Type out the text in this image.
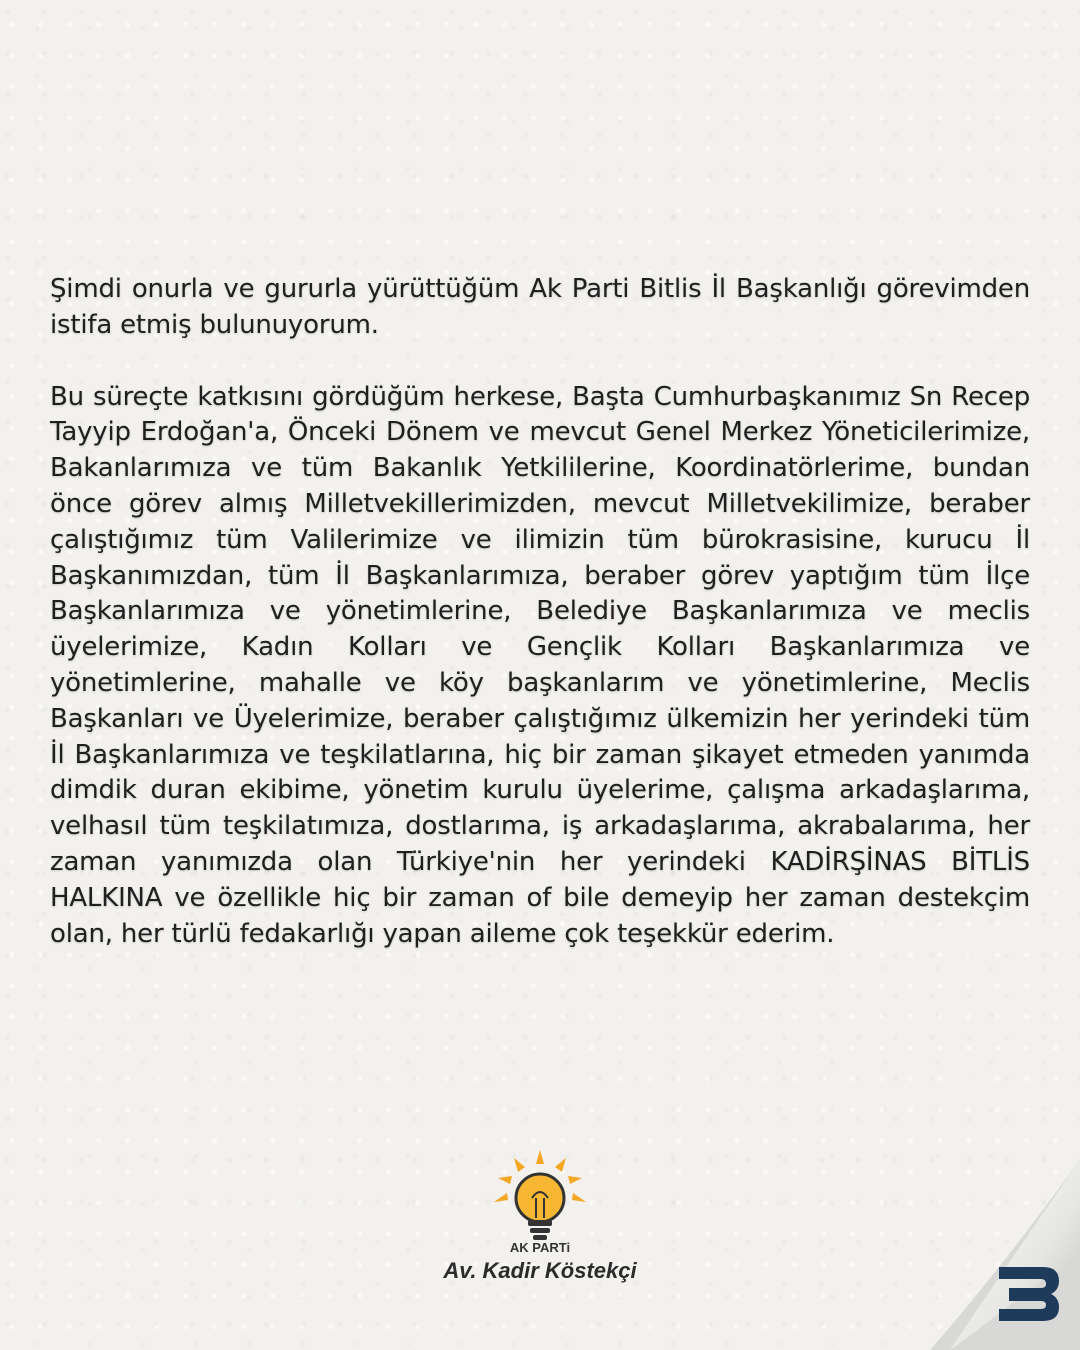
Şimdi onurla ve gururla yürüttüğüm Ak Parti Bitlis İl Başkanlığı görevimden istifa etmiş bulunuyorum.

Bu süreçte katkısını gördüğüm herkese, Başta Cumhurbaşkanımız Sn Recep Tayyip Erdoğan'a, Önceki Dönem ve mevcut Genel Merkez Yöneticilerimize, Bakanlarımıza ve tüm Bakanlık Yetkililerine, Koordinatörlerime, bundan önce görev almış Milletvekillerimizden, mevcut Milletvekilimize, beraber çalıştığımız tüm Valilerimize ve ilimizin tüm bürokrasisine, kurucu İl Başkanımızdan, tüm İl Başkanlarımıza, beraber görev yaptığım tüm İlçe Başkanlarımıza ve yönetimlerine, Belediye Başkanlarımıza ve meclis üyelerimize, Kadın Kolları ve Gençlik Kolları Başkanlarımıza ve yönetimlerine, mahalle ve köy başkanlarım ve yönetimlerine, Meclis Başkanları ve Üyelerimize, beraber çalıştığımız ülkemizin her yerindeki tüm İl Başkanlarımıza ve teşkilatlarına, hiç bir zaman şikayet etmeden yanımda dimdik duran ekibime, yönetim kurulu üyelerime, çalışma arkadaşlarıma, velhasıl tüm teşkilatımıza, dostlarıma, iş arkadaşlarıma, akrabalarıma, her zaman yanımızda olan Türkiye'nin her yerindeki KADİRŞİNAS BİTLİS HALKINA ve özellikle hiç bir zaman of bile demeyip her zaman destekçim olan, her türlü fedakarlığı yapan aileme çok teşekkür ederim.

AK PARTi
Av. Kadir Köstekçi
